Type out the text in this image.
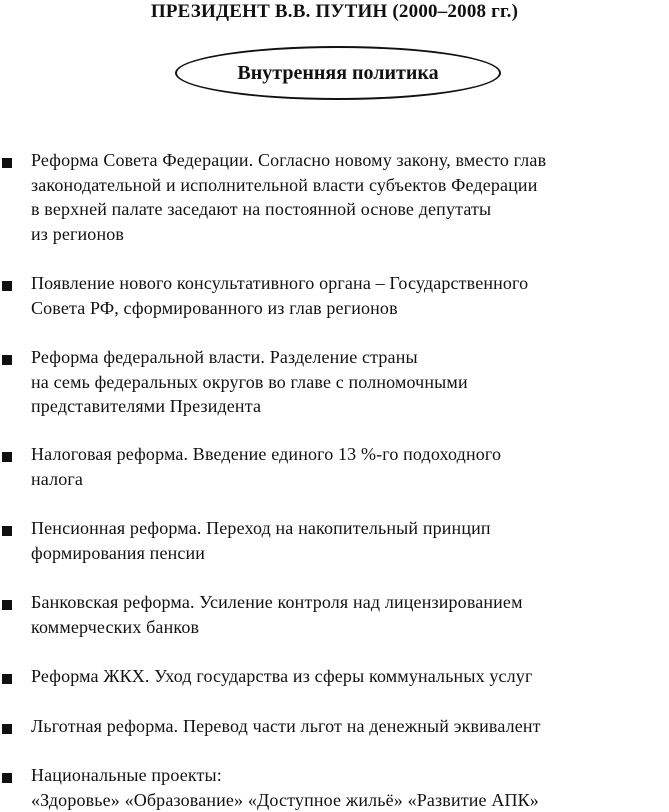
ПРЕЗИДЕНТ В.В. ПУТИН (2000–2008 гг.)
Внутренняя политика
Реформа Совета Федерации. Согласно новому закону, вместо глав
законодательной и исполнительной власти субъектов Федерации
в верхней палате заседают на постоянной основе депутаты
из регионов
Появление нового консультативного органа – Государственного
Совета РФ, сформированного из глав регионов
Реформа федеральной власти. Разделение страны
на семь федеральных округов во главе с полномочными
представителями Президента
Налоговая реформа. Введение единого 13 %-го подоходного
налога
Пенсионная реформа. Переход на накопительный принцип
формирования пенсии
Банковская реформа. Усиление контроля над лицензированием
коммерческих банков
Реформа ЖКХ. Уход государства из сферы коммунальных услуг
Льготная реформа. Перевод части льгот на денежный эквивалент
Национальные проекты:
«Здоровье» «Образование» «Доступное жильё» «Развитие АПК»
